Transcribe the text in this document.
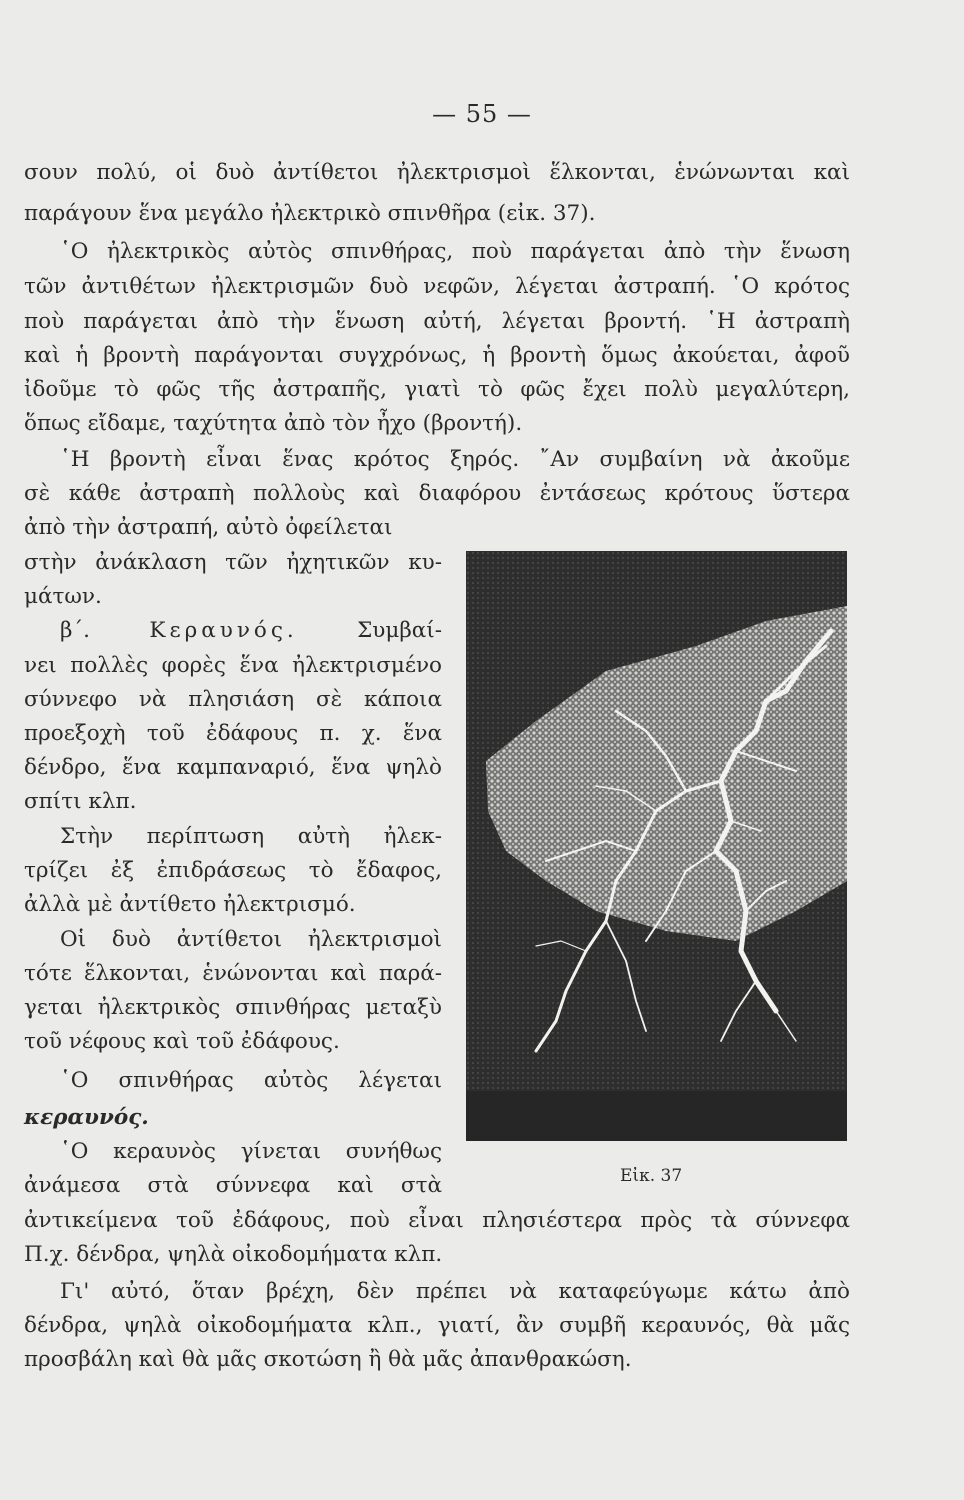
— 55 —
σουν πολύ, οἱ δυὸ ἀντίθετοι ἠλεκτρισμοὶ ἕλκονται, ἑνώνωνται καὶ
παράγουν ἕνα μεγάλο ἠλεκτρικὸ σπινθῆρα (εἰκ. 37).
῾Ο ἠλεκτρικὸς αὐτὸς σπινθήρας, ποὺ παράγεται ἀπὸ τὴν ἕνωση
τῶν ἀντιθέτων ἠλεκτρισμῶν δυὸ νεφῶν, λέγεται ἀστραπή. ῾Ο κρότος
ποὺ παράγεται ἀπὸ τὴν ἕνωση αὐτή, λέγεται βροντή. ῾Η ἀστραπὴ
καὶ ἡ βροντὴ παράγονται συγχρόνως, ἡ βροντὴ ὅμως ἀκούεται, ἀφοῦ
ἰδοῦμε τὸ φῶς τῆς ἀστραπῆς, γιατὶ τὸ φῶς ἔχει πολὺ μεγαλύτερη,
ὅπως εἴδαμε, ταχύτητα ἀπὸ τὸν ἦχο (βροντή).
῾Η βροντὴ εἶναι ἕνας κρότος ξηρός. ῎Αν συμβαίνη νὰ ἀκοῦμε
σὲ κάθε ἀστραπὴ πολλοὺς καὶ διαφόρου ἐντάσεως κρότους ὕστερα
ἀπὸ τὴν ἀστραπή, αὐτὸ ὀφείλεται
στὴν ἀνάκλαση τῶν ἠχητικῶν κυ-
μάτων.
β΄.	Κεραυνός.	Συμβαί-
νει πολλὲς φορὲς ἕνα ἠλεκτρισμένο
σύννεφο νὰ πλησιάση σὲ κάποια
προεξοχὴ τοῦ ἐδάφους π. χ. ἕνα
δένδρο, ἕνα καμπαναριό, ἕνα ψηλὸ
σπίτι κλπ.
Στὴν περίπτωση αὐτὴ ἠλεκ-
τρίζει ἐξ ἐπιδράσεως τὸ ἔδαφος,
ἀλλὰ μὲ ἀντίθετο ἠλεκτρισμό.
Οἱ δυὸ ἀντίθετοι ἠλεκτρισμοὶ
τότε ἕλκονται, ἑνώνονται καὶ παρά-
γεται ἠλεκτρικὸς σπινθήρας μεταξὺ
τοῦ νέφους καὶ τοῦ ἐδάφους.
῾Ο σπινθήρας αὐτὸς λέγεται
κεραυνός.
῾Ο κεραυνὸς γίνεται συνήθως
ἀνάμεσα στὰ σύννεφα καὶ στὰ
ἀντικείμενα τοῦ ἐδάφους, ποὺ εἶναι πλησιέστερα πρὸς τὰ σύννεφα
Π.χ. δένδρα, ψηλὰ οἰκοδομήματα κλπ.
Γι' αὐτό, ὅταν βρέχη, δὲν πρέπει νὰ καταφεύγωμε κάτω ἀπὸ
δένδρα, ψηλὰ οἰκοδομήματα κλπ., γιατί, ἂν συμβῆ κεραυνός, θὰ μᾶς
προσβάλη καὶ θὰ μᾶς σκοτώση ἢ θὰ μᾶς ἀπανθρακώση.
Εἰκ. 37
